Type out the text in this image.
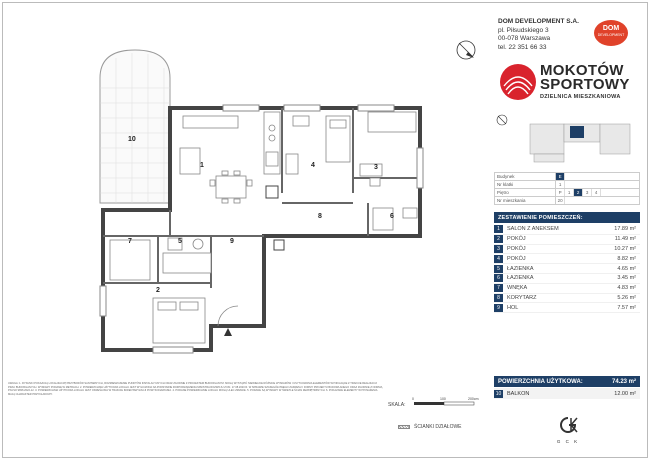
10
1	4	3
8	6
7	5	9
2
DOM DEVELOPMENT S.A.
pl. Piłsudskiego 3
00-078 Warszawa
tel. 22 351 66 33
DOM
DEVELOPMENT
MOKOTÓW
SPORTOWY
DZIELNICA MIESZKANIOWA
Budynek	E
Nr klatki	1
Piętro	P 1 2 3 4
Nr mieszkania	20
ZESTAWIENIE POMIESZCZEŃ:
1	SALON Z ANEKSEM	17.89 m²
2	POKÓJ	11.49 m²
3	POKÓJ	10.27 m²
4	POKÓJ	8.82 m²
5	ŁAZIENKA	4.65 m²
6	ŁAZIENKA	3.45 m²
7	WNĘKA	4.83 m²
8	KORYTARZ	5.26 m²
9	HOL	7.57 m²
POWIERZCHNIA UŻYTKOWA:	74.23 m²
10	BALKON	12.00 m²
G C K
UWAGA: 1. RYSUNKI POKAZUJĄ LOKALIZACJĘ PRZYBORÓW SANITARNYCH, ROZMIESZCZENIE PUNKTÓW INSTALACYJNYCH ORAZ ZGODNIE Z PROJEKTEM BUDOWLANYM. MOGĄ WYSTĄPIĆ NIEWIELKIE RÓŻNICE WYMIARÓW I USYTUOWANIA ELEMENTÓW WYNIKAJĄCE Z TRAKCIE REALIZACJI PRAC BUDOWLANYCH. WYMIARY PODANE W METRACH. 2. POWIERZCHNIA UŻYTKOWA LOKALU JEST WYLICZONA NA PODSTAWIE ROZPORZĄDZENIA MINISTRA ROZWOJU Z DN. 17.08.2020 R. W SPRAWIE SZCZEGÓŁOWEGO ZAKRESU I FORMY PROJEKTU BUDOWLANEGO ORAZ ZGODNIE Z NORMĄ PN-ISO 9836:2022-12. 3. POWIERZCHNIA UŻYTKOWA LOKALU JEST OKREŚLONA W TRAKCIE INWENTARYZACJI POWYKONAWCZEJ. 4. PODANE POWIERZCHNIE LOKALU MOGĄ ULEC ZMIANIE. 5. PODANE SĄ WYMIARY W ŚWIETLE ŚCIAN ZEWNĘTRZNYCH. 6. POKAZANE ELEMENTY WYPOSAŻENIA MAJĄ CHARAKTER PRZYKŁADOWY.
SKALA:
0	100	200cm
ŚCIANKI DZIAŁOWE
